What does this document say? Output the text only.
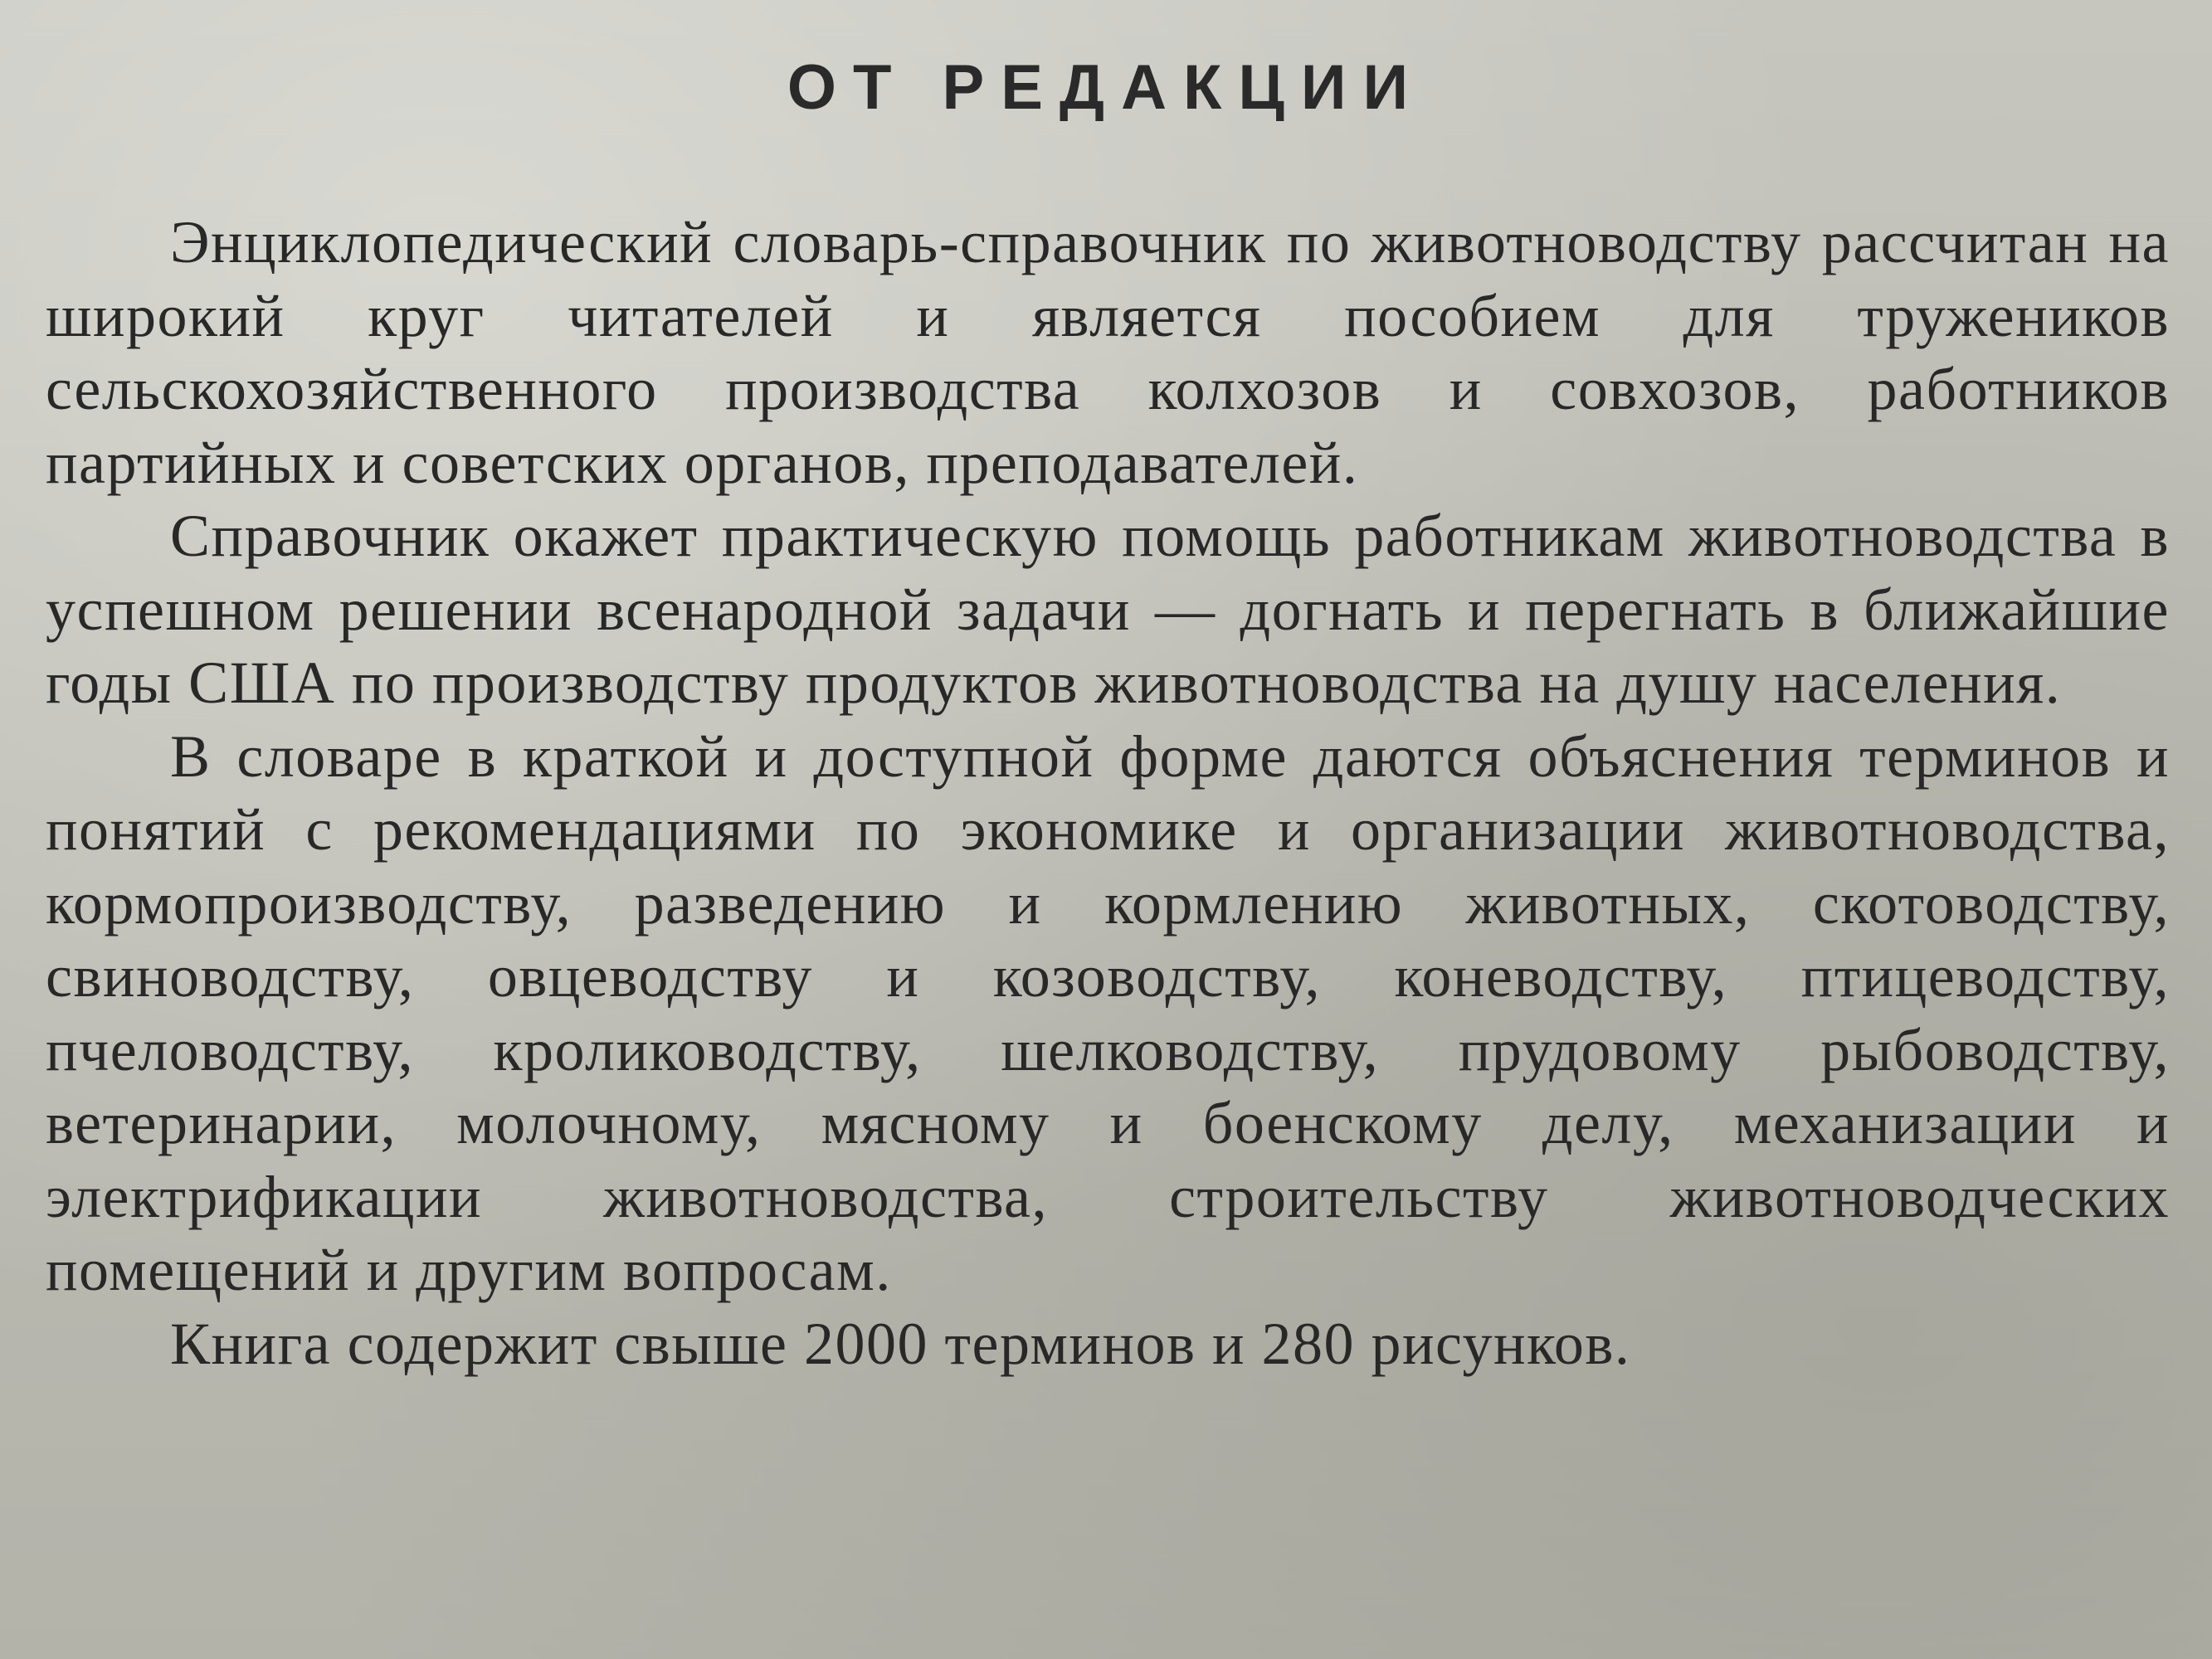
ОТ РЕДАКЦИИ

Энциклопедический словарь-справочник по животноводству рассчитан на широкий круг читателей и является пособием для тружеников сельскохозяйственного производства колхозов и совхозов, работников партийных и советских органов, преподавателей.

Справочник окажет практическую помощь работникам животноводства в успешном решении всенародной задачи — догнать и перегнать в ближайшие годы США по производству продуктов животноводства на душу населения.

В словаре в краткой и доступной форме даются объяснения терминов и понятий с рекомендациями по экономике и организации животноводства, кормопроизводству, разведению и кормлению животных, скотоводству, свиноводству, овцеводству и козоводству, коневодству, птицеводству, пчеловодству, кролиководству, шелководству, прудовому рыбоводству, ветеринарии, молочному, мясному и боенскому делу, механизации и электрификации животноводства, строительству животноводческих помещений и другим вопросам.

Книга содержит свыше 2000 терминов и 280 рисунков.
